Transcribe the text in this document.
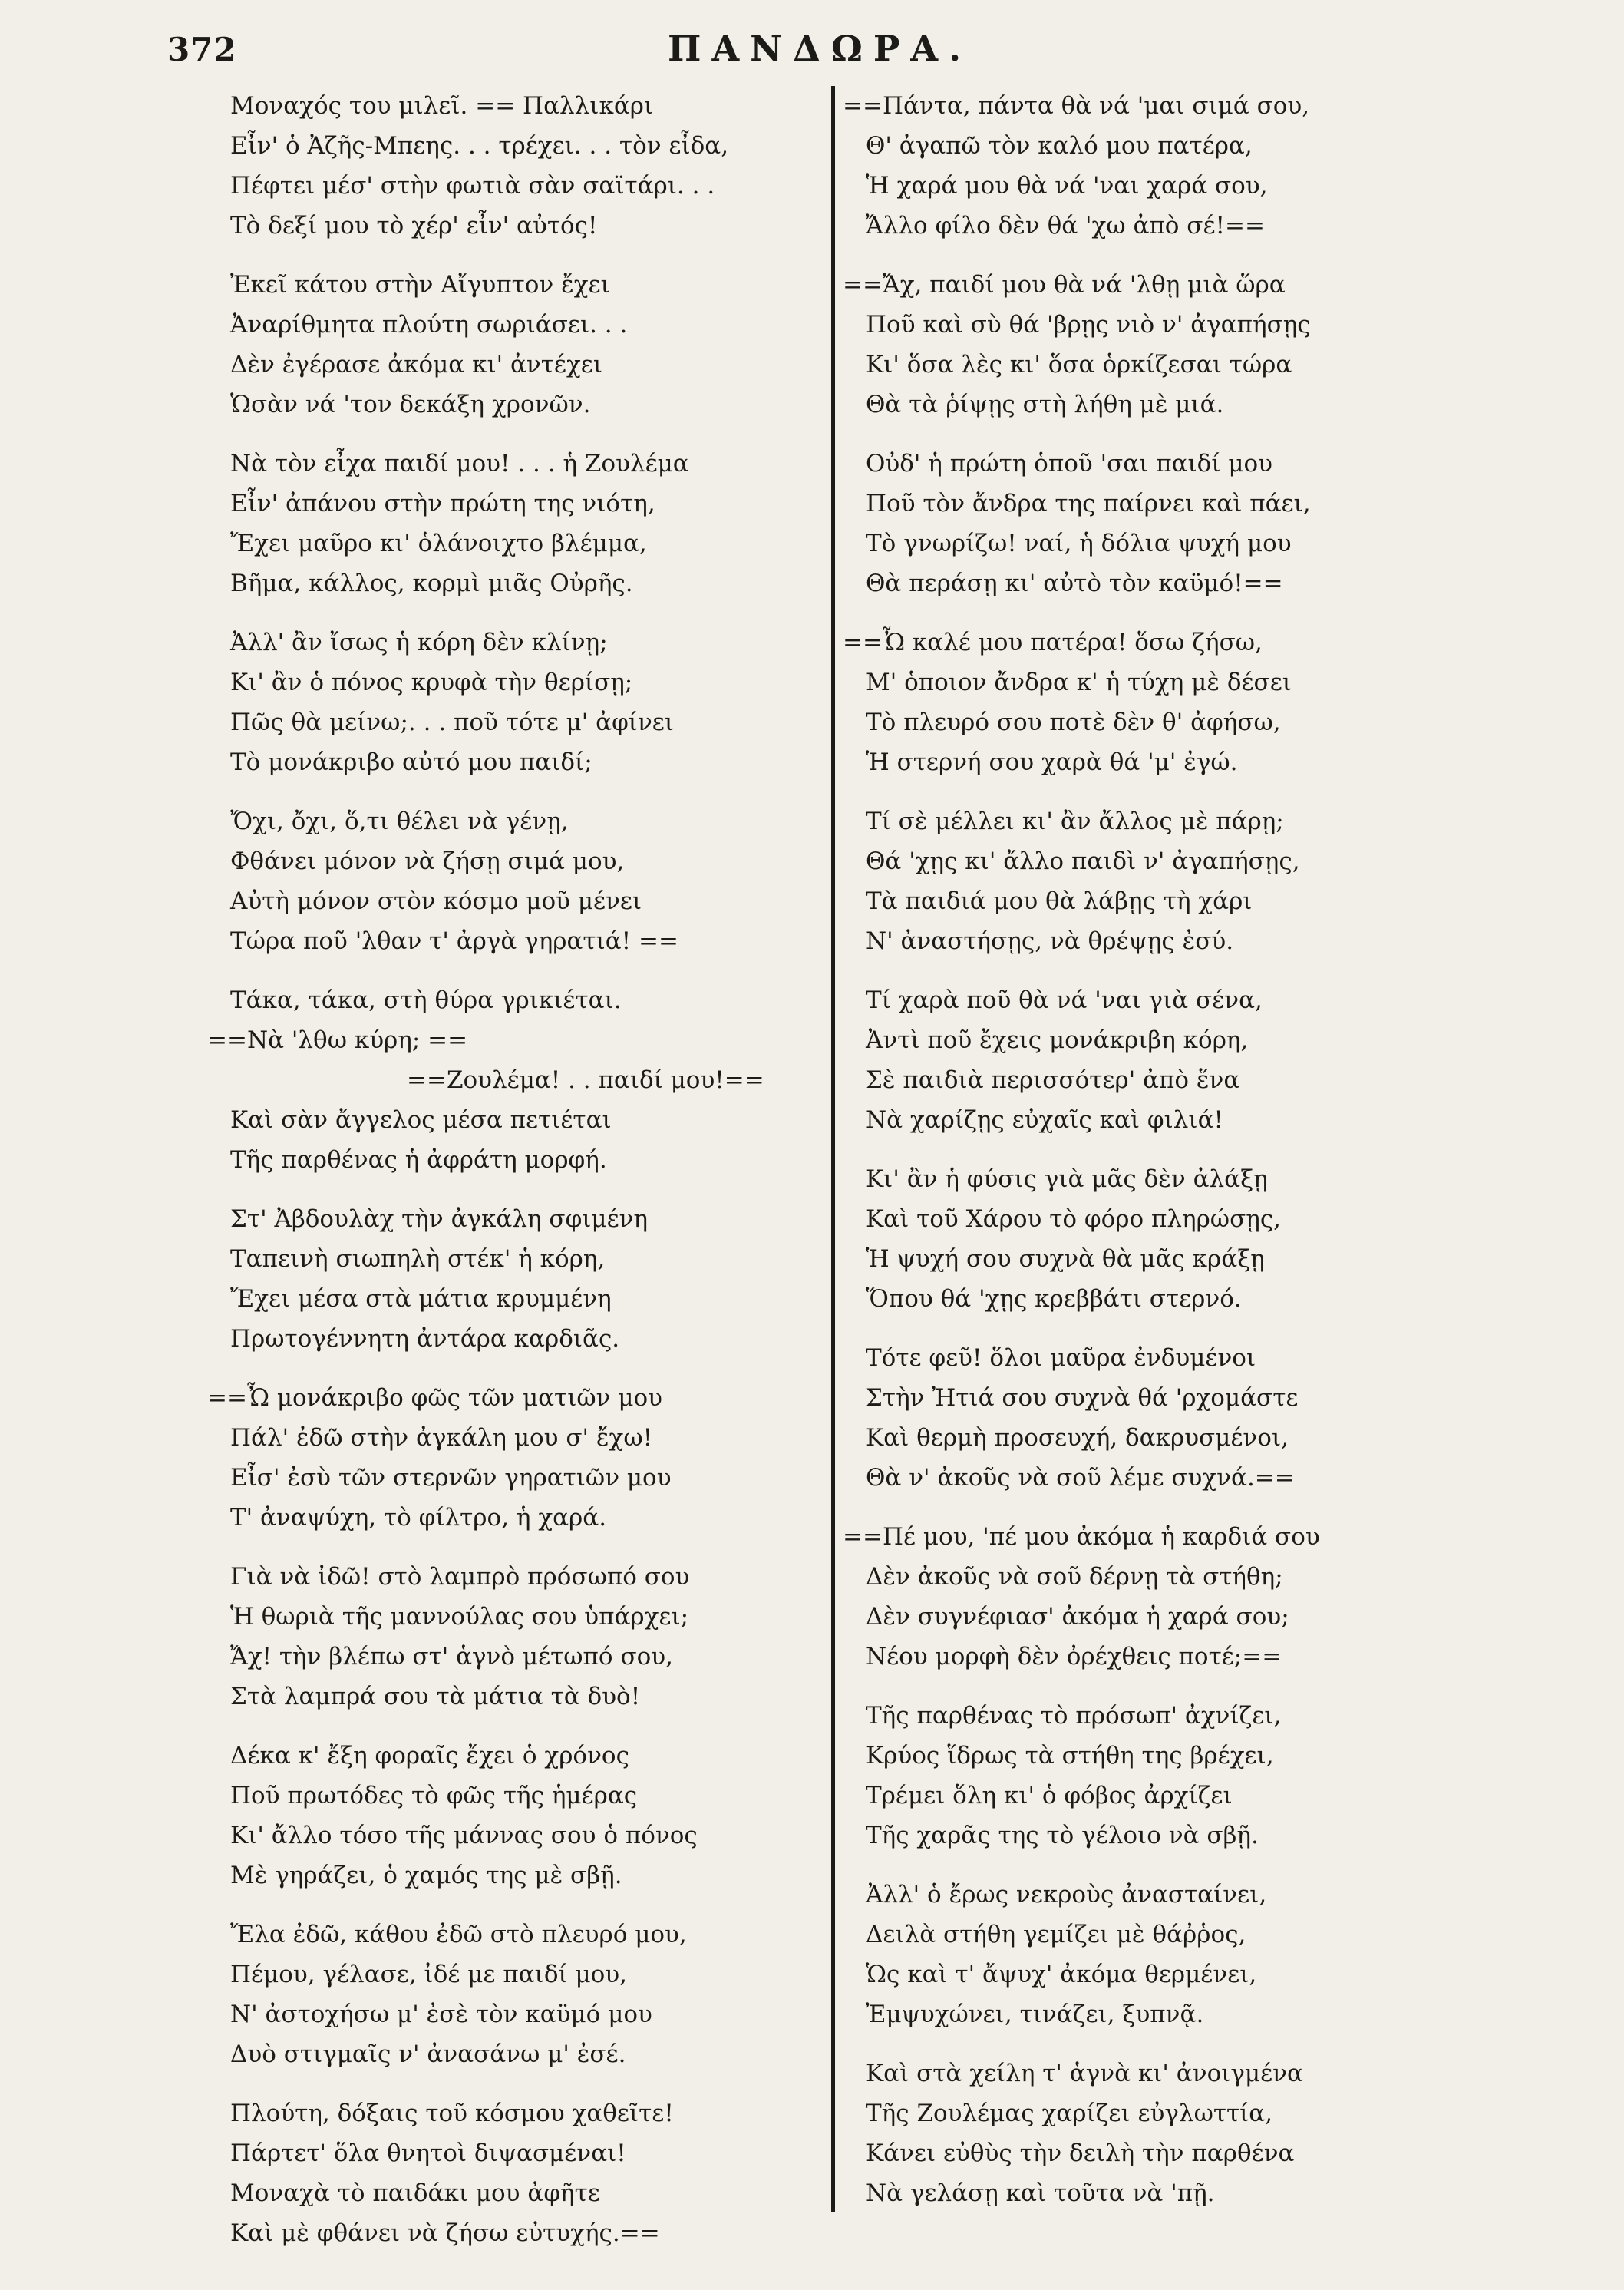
372	ΠΑΝΔΩΡΑ.
Μοναχός του μιλεῖ. == Παλλικάρι
Εἶν' ὁ Ἀζῆς-Μπεης. . . τρέχει. . . τὸν εἶδα,
Πέφτει μέσ' στὴν φωτιὰ σὰν σαϊτάρι. . .
Τὸ δεξί μου τὸ χέρ' εἶν' αὐτός!
Ἐκεῖ κάτου στὴν Αἴγυπτον ἔχει
Ἀναρίθμητα πλούτη σωριάσει. . .
Δὲν ἐγέρασε ἀκόμα κι' ἀντέχει
Ὡσὰν νά 'τον δεκάξη χρονῶν.
Νὰ τὸν εἶχα παιδί μου! . . . ἡ Ζουλέμα
Εἶν' ἀπάνου στὴν πρώτη της νιότη,
Ἔχει μαῦρο κι' ὁλάνοιχτο βλέμμα,
Βῆμα, κάλλος, κορμὶ μιᾶς Οὐρῆς.
Ἀλλ' ἂν ἴσως ἡ κόρη δὲν κλίνῃ;
Κι' ἂν ὁ πόνος κρυφὰ τὴν θερίσῃ;
Πῶς θὰ μείνω;. . . ποῦ τότε μ' ἀφίνει
Τὸ μονάκριβο αὐτό μου παιδί;
Ὄχι, ὄχι, ὅ,τι θέλει νὰ γένῃ,
Φθάνει μόνον νὰ ζήσῃ σιμά μου,
Αὐτὴ μόνον στὸν κόσμο μοῦ μένει
Τώρα ποῦ 'λθαν τ' ἀργὰ γηρατιά! ==
Τάκα, τάκα, στὴ θύρα γρικιέται.
==Νὰ 'λθω κύρη; ==
==Ζουλέμα! . . παιδί μου!==
Καὶ σὰν ἄγγελος μέσα πετιέται
Τῆς παρθένας ἡ ἀφράτη μορφή.
Στ' Ἀβδουλὰχ τὴν ἀγκάλη σφιμένη
Ταπεινὴ σιωπηλὴ στέκ' ἡ κόρη,
Ἔχει μέσα στὰ μάτια κρυμμένη
Πρωτογέννητη ἀντάρα καρδιᾶς.
==Ὦ μονάκριβο φῶς τῶν ματιῶν μου
Πάλ' ἐδῶ στὴν ἀγκάλη μου σ' ἔχω!
Εἶσ' ἐσὺ τῶν στερνῶν γηρατιῶν μου
Τ' ἀναψύχη, τὸ φίλτρο, ἡ χαρά.
Γιὰ νὰ ἰδῶ! στὸ λαμπρὸ πρόσωπό σου
Ἡ θωριὰ τῆς μαννούλας σου ὑπάρχει;
Ἄχ! τὴν βλέπω στ' ἁγνὸ μέτωπό σου,
Στὰ λαμπρά σου τὰ μάτια τὰ δυὸ!
Δέκα κ' ἔξη φοραῖς ἔχει ὁ χρόνος
Ποῦ πρωτόδες τὸ φῶς τῆς ἡμέρας
Κι' ἄλλο τόσο τῆς μάννας σου ὁ πόνος
Μὲ γηράζει, ὁ χαμός της μὲ σβῇ.
Ἔλα ἐδῶ, κάθου ἐδῶ στὸ πλευρό μου,
Πέμου, γέλασε, ἰδέ με παιδί μου,
Ν' ἀστοχήσω μ' ἐσὲ τὸν καϋμό μου
Δυὸ στιγμαῖς ν' ἀνασάνω μ' ἐσέ.
Πλούτη, δόξαις τοῦ κόσμου χαθεῖτε!
Πάρτετ' ὅλα θνητοὶ διψασμέναι!
Μοναχὰ τὸ παιδάκι μου ἀφῆτε
Καὶ μὲ φθάνει νὰ ζήσω εὐτυχής.==
==Πάντα, πάντα θὰ νά 'μαι σιμά σου,
Θ' ἀγαπῶ τὸν καλό μου πατέρα,
Ἡ χαρά μου θὰ νά 'ναι χαρά σου,
Ἄλλο φίλο δὲν θά 'χω ἀπὸ σέ!==
==Ἄχ, παιδί μου θὰ νά 'λθῃ μιὰ ὥρα
Ποῦ καὶ σὺ θά 'βρῃς νιὸ ν' ἀγαπήσῃς
Κι' ὅσα λὲς κι' ὅσα ὁρκίζεσαι τώρα
Θὰ τὰ ῥίψῃς στὴ λήθη μὲ μιά.
Οὐδ' ἡ πρώτη ὁποῦ 'σαι παιδί μου
Ποῦ τὸν ἄνδρα της παίρνει καὶ πάει,
Τὸ γνωρίζω! ναί, ἡ δόλια ψυχή μου
Θὰ περάσῃ κι' αὐτὸ τὸν καϋμό!==
==Ὦ καλέ μου πατέρα! ὅσω ζήσω,
Μ' ὁποιον ἄνδρα κ' ἡ τύχη μὲ δέσει
Τὸ πλευρό σου ποτὲ δὲν θ' ἀφήσω,
Ἡ στερνή σου χαρὰ θά 'μ' ἐγώ.
Τί σὲ μέλλει κι' ἂν ἄλλος μὲ πάρῃ;
Θά 'χῃς κι' ἄλλο παιδὶ ν' ἀγαπήσῃς,
Τὰ παιδιά μου θὰ λάβῃς τὴ χάρι
Ν' ἀναστήσῃς, νὰ θρέψῃς ἐσύ.
Τί χαρὰ ποῦ θὰ νά 'ναι γιὰ σένα,
Ἀντὶ ποῦ ἔχεις μονάκριβη κόρη,
Σὲ παιδιὰ περισσότερ' ἀπὸ ἕνα
Νὰ χαρίζῃς εὐχαῖς καὶ φιλιά!
Κι' ἂν ἡ φύσις γιὰ μᾶς δὲν ἀλάξῃ
Καὶ τοῦ Χάρου τὸ φόρο πληρώσῃς,
Ἡ ψυχή σου συχνὰ θὰ μᾶς κράξῃ
Ὅπου θά 'χῃς κρεββάτι στερνό.
Τότε φεῦ! ὅλοι μαῦρα ἐνδυμένοι
Στὴν Ἠτιά σου συχνὰ θά 'ρχομάστε
Καὶ θερμὴ προσευχή, δακρυσμένοι,
Θὰ ν' ἀκοῦς νὰ σοῦ λέμε συχνά.==
==Πέ μου, 'πέ μου ἀκόμα ἡ καρδιά σου
Δὲν ἀκοῦς νὰ σοῦ δέρνῃ τὰ στήθη;
Δὲν συγνέφιασ' ἀκόμα ἡ χαρά σου;
Νέου μορφὴ δὲν ὀρέχθεις ποτέ;==
Τῆς παρθένας τὸ πρόσωπ' ἀχνίζει,
Κρύος ἵδρως τὰ στήθη της βρέχει,
Τρέμει ὅλη κι' ὁ φόβος ἀρχίζει
Τῆς χαρᾶς της τὸ γέλοιο νὰ σβῇ.
Ἀλλ' ὁ ἔρως νεκροὺς ἀνασταίνει,
Δειλὰ στήθη γεμίζει μὲ θάῤῥος,
Ὡς καὶ τ' ἄψυχ' ἀκόμα θερμένει,
Ἐμψυχώνει, τινάζει, ξυπνᾷ.
Καὶ στὰ χείλη τ' ἁγνὰ κι' ἀνοιγμένα
Τῆς Ζουλέμας χαρίζει εὐγλωττία,
Κάνει εὐθὺς τὴν δειλὴ τὴν παρθένα
Νὰ γελάσῃ καὶ τοῦτα νὰ 'πῇ.
